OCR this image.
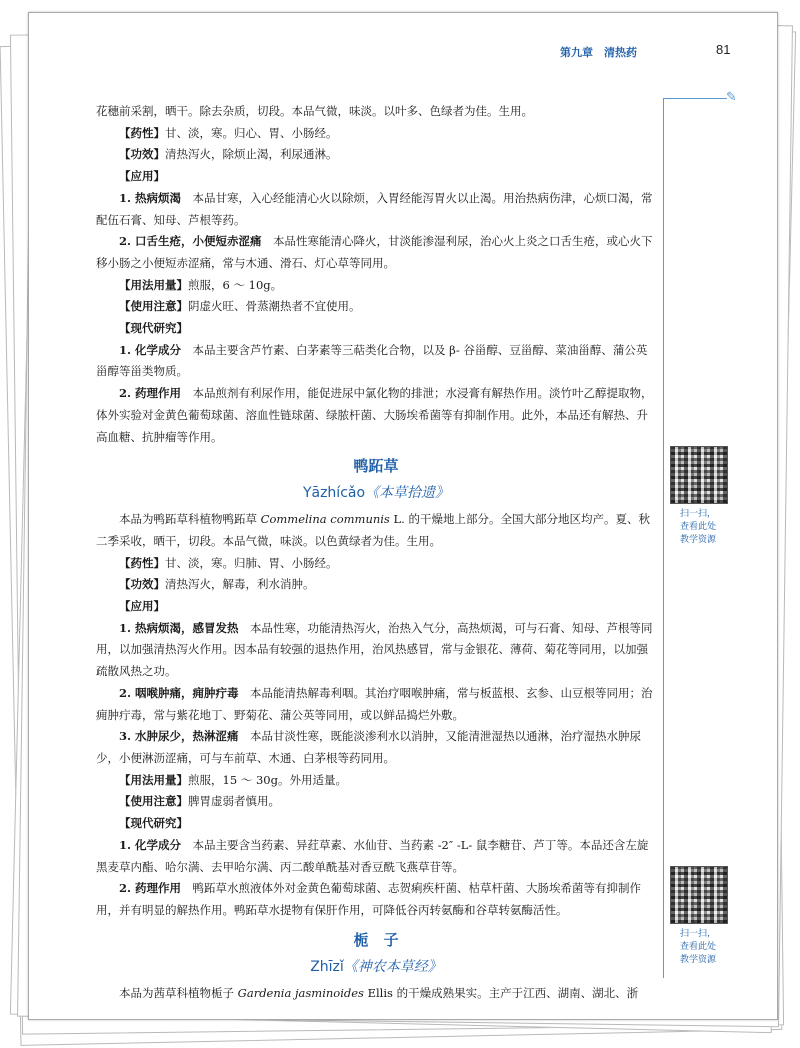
第九章　清热药	81
✎
扫一扫，
查看此处
教学资源
扫一扫，
查看此处
教学资源

花穗前采割，晒干。除去杂质，切段。本品气微，味淡。以叶多、色绿者为佳。生用。

【药性】甘、淡，寒。归心、胃、小肠经。

【功效】清热泻火，除烦止渴，利尿通淋。

【应用】

1. 热病烦渴　 本品甘寒，入心经能清心火以除烦，入胃经能泻胃火以止渴。用治热病伤津，心烦口渴，常配伍石膏、知母、芦根等药。

2. 口舌生疮，小便短赤涩痛　 本品性寒能清心降火，甘淡能渗湿利尿，治心火上炎之口舌生疮，或心火下移小肠之小便短赤涩痛，常与木通、滑石、灯心草等同用。

【用法用量】煎服，6 ～ 10g。

【使用注意】阴虚火旺、骨蒸潮热者不宜使用。

【现代研究】

1. 化学成分　 本品主要含芦竹素、白茅素等三萜类化合物，以及 β- 谷甾醇、豆甾醇、菜油甾醇、蒲公英甾醇等甾类物质。

2. 药理作用　 本品煎剂有利尿作用，能促进尿中氯化物的排泄；水浸膏有解热作用。淡竹叶乙醇提取物，体外实验对金黄色葡萄球菌、溶血性链球菌、绿脓杆菌、大肠埃希菌等有抑制作用。此外，本品还有解热、升高血糖、抗肿瘤等作用。

鸭跖草
Yāzhícǎo《本草拾遗》

本品为鸭跖草科植物鸭跖草 Commelina communis L. 的干燥地上部分。全国大部分地区均产。夏、秋二季采收，晒干，切段。本品气微，味淡。以色黄绿者为佳。生用。

【药性】甘、淡，寒。归肺、胃、小肠经。

【功效】清热泻火，解毒，利水消肿。

【应用】

1. 热病烦渴，感冒发热　 本品性寒，功能清热泻火，治热入气分，高热烦渴，可与石膏、知母、芦根等同用，以加强清热泻火作用。因本品有较强的退热作用，治风热感冒，常与金银花、薄荷、菊花等同用，以加强疏散风热之功。

2. 咽喉肿痛，痈肿疔毒　 本品能清热解毒利咽。其治疗咽喉肿痛，常与板蓝根、玄参、山豆根等同用；治痈肿疔毒，常与紫花地丁、野菊花、蒲公英等同用，或以鲜品捣烂外敷。

3. 水肿尿少，热淋涩痛　 本品甘淡性寒，既能淡渗利水以消肿，又能清泄湿热以通淋，治疗湿热水肿尿少，小便淋沥涩痛，可与车前草、木通、白茅根等药同用。

【用法用量】煎服，15 ～ 30g。外用适量。

【使用注意】脾胃虚弱者慎用。

【现代研究】

1. 化学成分　 本品主要含当药素、异荭草素、水仙苷、当药素 -2″ -L- 鼠李糖苷、芦丁等。本品还含左旋黑麦草内酯、哈尔满、去甲哈尔满、丙二酸单酰基对香豆酰飞燕草苷等。

2. 药理作用　 鸭跖草水煎液体外对金黄色葡萄球菌、志贺痢疾杆菌、枯草杆菌、大肠埃希菌等有抑制作用，并有明显的解热作用。鸭跖草水提物有保肝作用，可降低谷丙转氨酶和谷草转氨酶活性。

栀　子
Zhīzǐ《神农本草经》

本品为茜草科植物栀子 Gardenia jasminoides Ellis 的干燥成熟果实。主产于江西、湖南、湖北、浙
